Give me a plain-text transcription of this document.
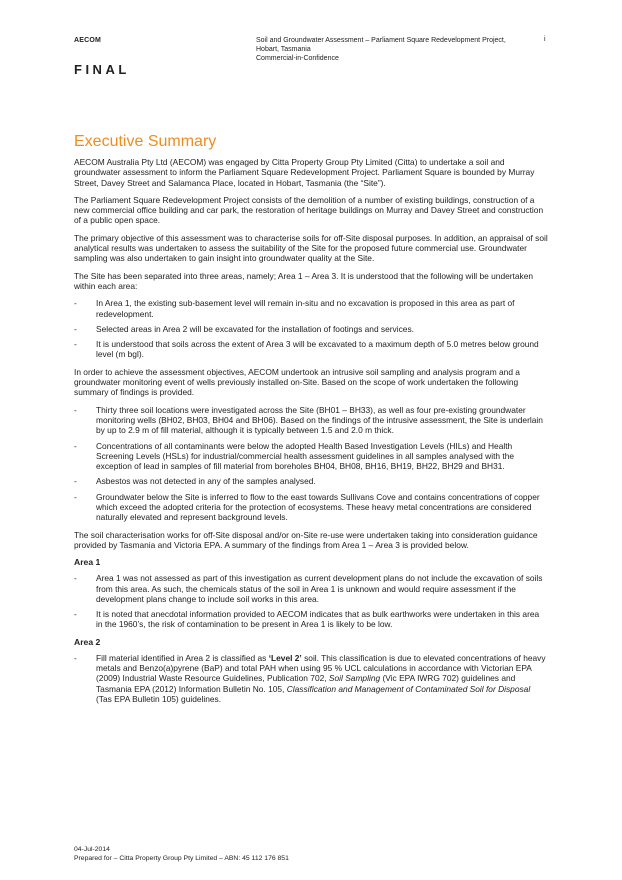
AECOM	Soil and Groundwater Assessment – Parliament Square Redevelopment Project,
Hobart, Tasmania
Commercial-in-Confidence
i
FINAL
Executive Summary

AECOM Australia Pty Ltd (AECOM) was engaged by Citta Property Group Pty Limited (Citta) to undertake a soil and groundwater assessment to inform the Parliament Square Redevelopment Project. Parliament Square is bounded by Murray Street, Davey Street and Salamanca Place, located in Hobart, Tasmania (the “Site”).

The Parliament Square Redevelopment Project consists of the demolition of a number of existing buildings, construction of a new commercial office building and car park, the restoration of heritage buildings on Murray and Davey Street and construction of a public open space.

The primary objective of this assessment was to characterise soils for off-Site disposal purposes. In addition, an appraisal of soil analytical results was undertaken to assess the suitability of the Site for the proposed future commercial use. Groundwater sampling was also undertaken to gain insight into groundwater quality at the Site.

The Site has been separated into three areas, namely; Area 1 – Area 3. It is understood that the following will be undertaken within each area:

- In Area 1, the existing sub-basement level will remain in-situ and no excavation is proposed in this area as part of redevelopment.
- Selected areas in Area 2 will be excavated for the installation of footings and services.
- It is understood that soils across the extent of Area 3 will be excavated to a maximum depth of 5.0 metres below ground level (m bgl).

In order to achieve the assessment objectives, AECOM undertook an intrusive soil sampling and analysis program and a groundwater monitoring event of wells previously installed on-Site. Based on the scope of work undertaken the following summary of findings is provided.

- Thirty three soil locations were investigated across the Site (BH01 – BH33), as well as four pre-existing groundwater monitoring wells (BH02, BH03, BH04 and BH06). Based on the findings of the intrusive assessment, the Site is underlain by up to 2.9 m of fill material, although it is typically between 1.5 and 2.0 m thick.
- Concentrations of all contaminants were below the adopted Health Based Investigation Levels (HILs) and Health Screening Levels (HSLs) for industrial/commercial health assessment guidelines in all samples analysed with the exception of lead in samples of fill material from boreholes BH04, BH08, BH16, BH19, BH22, BH29 and BH31.
- Asbestos was not detected in any of the samples analysed.
- Groundwater below the Site is inferred to flow to the east towards Sullivans Cove and contains concentrations of copper which exceed the adopted criteria for the protection of ecosystems. These heavy metal concentrations are considered naturally elevated and represent background levels.

The soil characterisation works for off-Site disposal and/or on-Site re-use were undertaken taking into consideration guidance provided by Tasmania and Victoria EPA. A summary of the findings from Area 1 – Area 3 is provided below.

Area 1
- Area 1 was not assessed as part of this investigation as current development plans do not include the excavation of soils from this area. As such, the chemicals status of the soil in Area 1 is unknown and would require assessment if the development plans change to include soil works in this area.
- It is noted that anecdotal information provided to AECOM indicates that as bulk earthworks were undertaken in this area in the 1960’s, the risk of contamination to be present in Area 1 is likely to be low.
Area 2
- Fill material identified in Area 2 is classified as ‘Level 2’ soil. This classification is due to elevated concentrations of heavy metals and Benzo(a)pyrene (BaP) and total PAH when using 95 % UCL calculations in accordance with Victorian EPA (2009) Industrial Waste Resource Guidelines, Publication 702, Soil Sampling (Vic EPA IWRG 702) guidelines and Tasmania EPA (2012) Information Bulletin No. 105, Classification and Management of Contaminated Soil for Disposal (Tas EPA Bulletin 105) guidelines.
04-Jul-2014
Prepared for – Citta Property Group Pty Limited – ABN: 45 112 176 851
